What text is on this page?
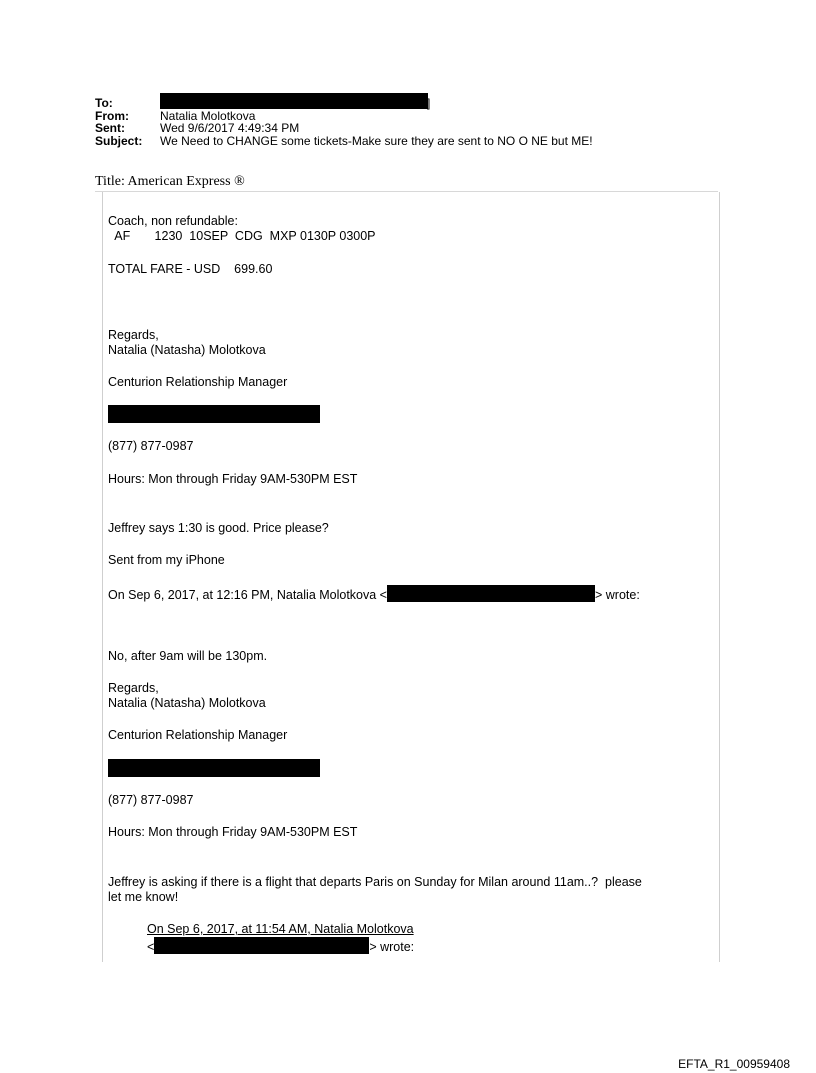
To:	]
From:	Natalia Molotkova
Sent:	Wed 9/6/2017 4:49:34 PM
Subject:	We Need to CHANGE some tickets-Make sure they are sent to NO O NE but ME!
Title: American Express ®
Coach, non refundable:
AF       1230  10SEP  CDG  MXP 0130P 0300P
TOTAL FARE - USD    699.60
Regards,
Natalia (Natasha) Molotkova
Centurion Relationship Manager
(877) 877-0987
Hours: Mon through Friday 9AM-530PM EST
Jeffrey says 1:30 is good. Price please?
Sent from my iPhone
On Sep 6, 2017, at 12:16 PM, Natalia Molotkova <	> wrote:
No, after 9am will be 130pm.
Regards,
Natalia (Natasha) Molotkova
Centurion Relationship Manager
(877) 877-0987
Hours: Mon through Friday 9AM-530PM EST
Jeffrey is asking if there is a flight that departs Paris on Sunday for Milan around 11am..?  please
let me know!
On Sep 6, 2017, at 11:54 AM, Natalia Molotkova
<	> wrote:
EFTA_R1_00959408
